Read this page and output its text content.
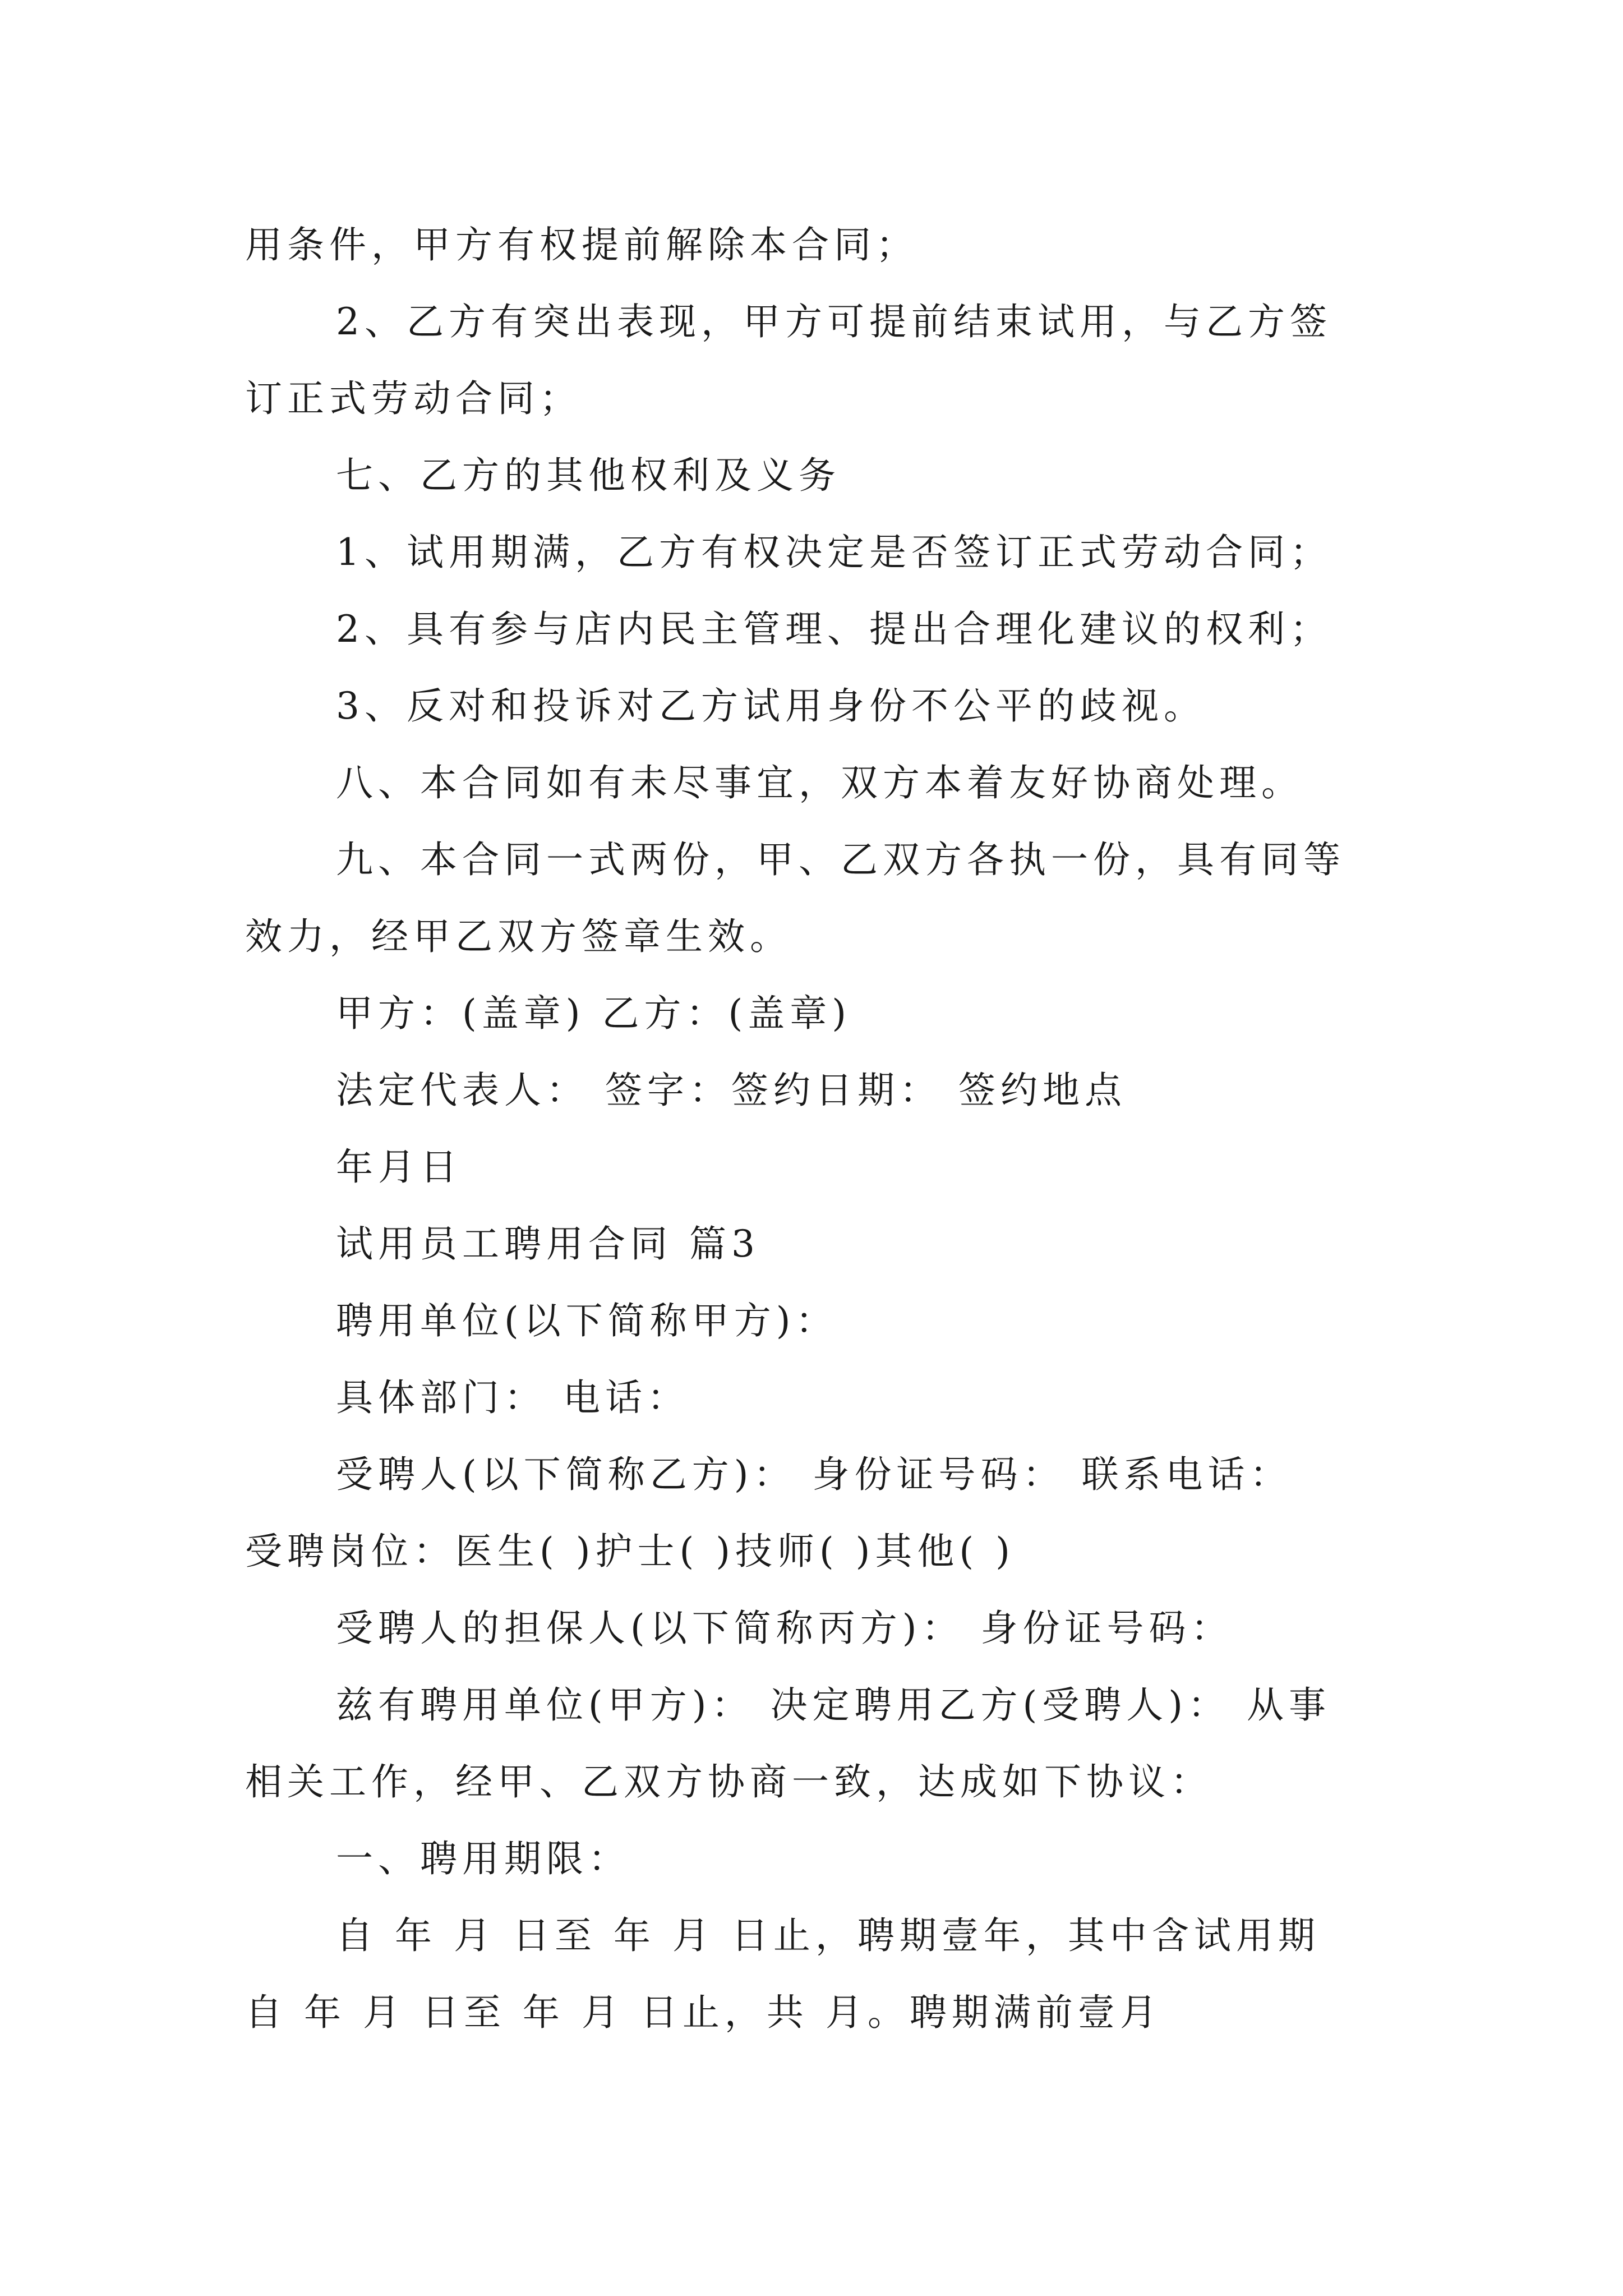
用条件，甲方有权提前解除本合同；
2、乙方有突出表现，甲方可提前结束试用，与乙方签
订正式劳动合同；
七、乙方的其他权利及义务
1、试用期满，乙方有权决定是否签订正式劳动合同；
2、具有参与店内民主管理、提出合理化建议的权利；
3、反对和投诉对乙方试用身份不公平的歧视。
八、本合同如有未尽事宜，双方本着友好协商处理。
九、本合同一式两份，甲、乙双方各执一份，具有同等
效力，经甲乙双方签章生效。
甲方：(盖章) 乙方：(盖章)
法定代表人： 签字：签约日期： 签约地点
年月日
试用员工聘用合同 篇3
聘用单位(以下简称甲方)：
具体部门： 电话：
受聘人(以下简称乙方)： 身份证号码： 联系电话：
受聘岗位：医生( )护士( )技师( )其他( )
受聘人的担保人(以下简称丙方)： 身份证号码：
兹有聘用单位(甲方)： 决定聘用乙方(受聘人)： 从事
相关工作，经甲、乙双方协商一致，达成如下协议：
一、聘用期限：
自 年 月 日至 年 月 日止，聘期壹年，其中含试用期
自 年 月 日至 年 月 日止，共 月。聘期满前壹月
